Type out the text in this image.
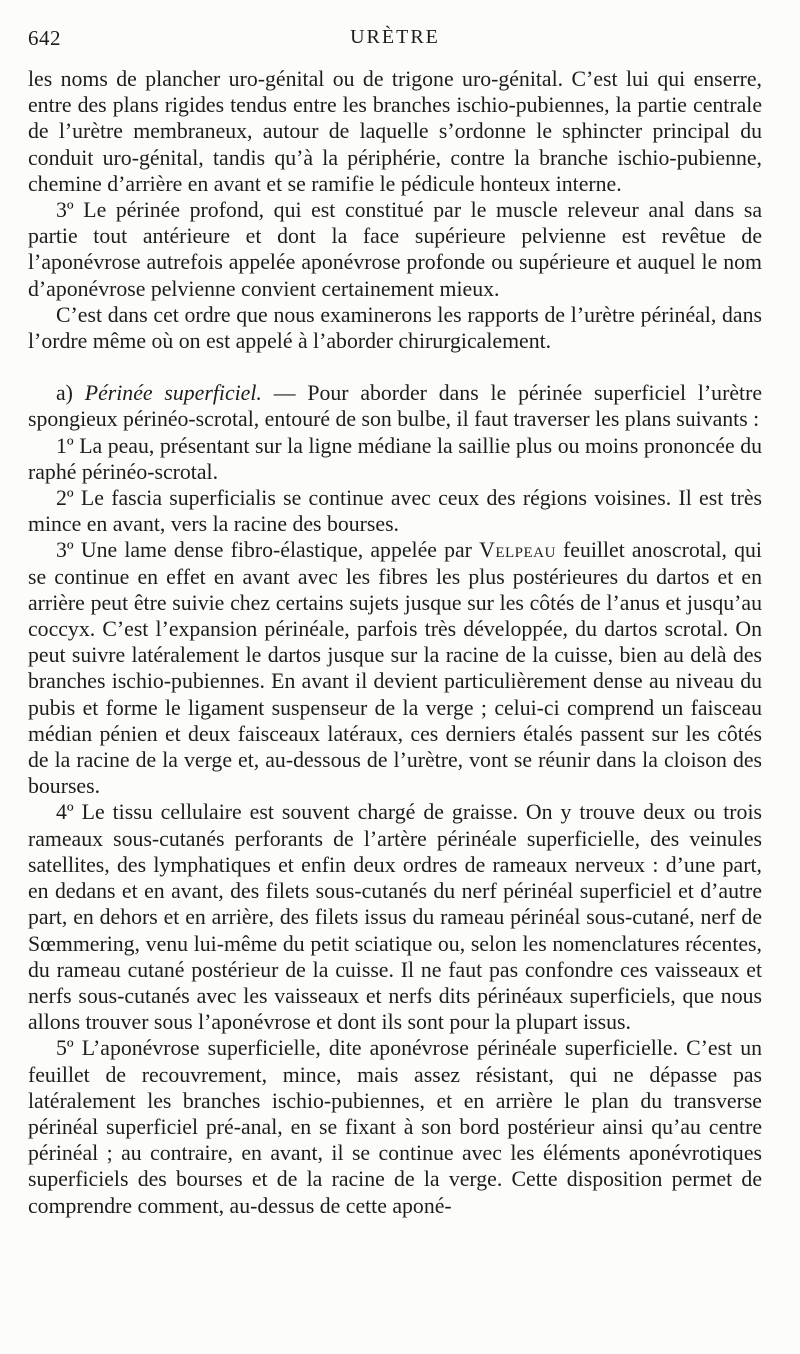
642	URÈTRE

les noms de plancher uro-génital ou de trigone uro-génital. C’est lui qui enserre, entre des plans rigides tendus entre les branches ischio-pubiennes, la partie centrale de l’urètre membraneux, autour de laquelle s’ordonne le sphincter principal du conduit uro-génital, tandis qu’à la périphérie, contre la branche ischio-pubienne, chemine d’arrière en avant et se ramifie le pédicule honteux interne.

3º Le périnée profond, qui est constitué par le muscle releveur anal dans sa partie tout antérieure et dont la face supérieure pelvienne est revêtue de l’aponévrose autrefois appelée aponévrose profonde ou supérieure et auquel le nom d’aponévrose pelvienne convient certainement mieux.

C’est dans cet ordre que nous examinerons les rapports de l’urètre périnéal, dans l’ordre même où on est appelé à l’aborder chirurgicalement.

a) Périnée superficiel. — Pour aborder dans le périnée superficiel l’urètre spongieux périnéo-scrotal, entouré de son bulbe, il faut traverser les plans suivants :

1º La peau, présentant sur la ligne médiane la saillie plus ou moins prononcée du raphé périnéo-scrotal.

2º Le fascia superficialis se continue avec ceux des régions voisines. Il est très mince en avant, vers la racine des bourses.

3º Une lame dense fibro-élastique, appelée par Velpeau feuillet anoscrotal, qui se continue en effet en avant avec les fibres les plus postérieures du dartos et en arrière peut être suivie chez certains sujets jusque sur les côtés de l’anus et jusqu’au coccyx. C’est l’expansion périnéale, parfois très développée, du dartos scrotal. On peut suivre latéralement le dartos jusque sur la racine de la cuisse, bien au delà des branches ischio-pubiennes. En avant il devient particulièrement dense au niveau du pubis et forme le ligament suspenseur de la verge ; celui-ci comprend un faisceau médian pénien et deux faisceaux latéraux, ces derniers étalés passent sur les côtés de la racine de la verge et, au-dessous de l’urètre, vont se réunir dans la cloison des bourses.

4º Le tissu cellulaire est souvent chargé de graisse. On y trouve deux ou trois rameaux sous-cutanés perforants de l’artère périnéale superficielle, des veinules satellites, des lymphatiques et enfin deux ordres de rameaux nerveux : d’une part, en dedans et en avant, des filets sous-cutanés du nerf périnéal superficiel et d’autre part, en dehors et en arrière, des filets issus du rameau périnéal sous-cutané, nerf de Sœmmering, venu lui-même du petit sciatique ou, selon les nomenclatures récentes, du rameau cutané postérieur de la cuisse. Il ne faut pas confondre ces vaisseaux et nerfs sous-cutanés avec les vaisseaux et nerfs dits périnéaux superficiels, que nous allons trouver sous l’aponévrose et dont ils sont pour la plupart issus.

5º L’aponévrose superficielle, dite aponévrose périnéale superficielle. C’est un feuillet de recouvrement, mince, mais assez résistant, qui ne dépasse pas latéralement les branches ischio-pubiennes, et en arrière le plan du transverse périnéal superficiel pré-anal, en se fixant à son bord postérieur ainsi qu’au centre périnéal ; au contraire, en avant, il se continue avec les éléments aponévrotiques superficiels des bourses et de la racine de la verge. Cette disposition permet de comprendre comment, au-dessus de cette aponé-
